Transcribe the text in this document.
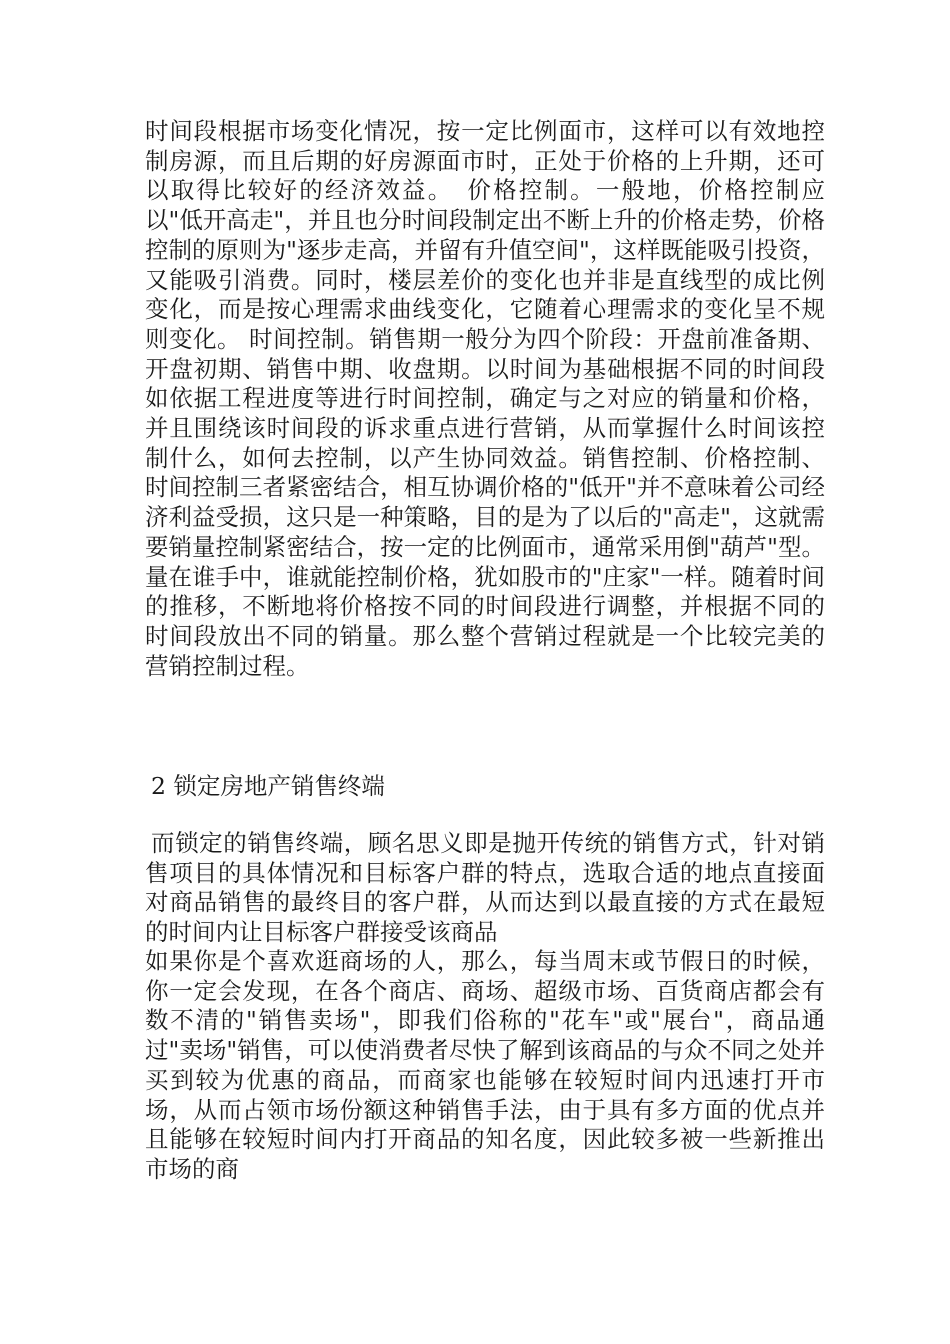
时间段根据市场变化情况，按一定比例面市，这样可以有效地控制房源，而且后期的好房源面市时，正处于价格的上升期，还可以取得比较好的经济效益。　价格控制。一般地，价格控制应以"低开高走"，并且也分时间段制定出不断上升的价格走势，价格控制的原则为"逐步走高，并留有升值空间"，这样既能吸引投资，又能吸引消费。同时，楼层差价的变化也并非是直线型的成比例变化，而是按心理需求曲线变化，它随着心理需求的变化呈不规则变化。 时间控制。销售期一般分为四个阶段：开盘前准备期、开盘初期、销售中期、收盘期。以时间为基础根据不同的时间段如依据工程进度等进行时间控制，确定与之对应的销量和价格，并且围绕该时间段的诉求重点进行营销，从而掌握什么时间该控制什么，如何去控制，以产生协同效益。销售控制、价格控制、时间控制三者紧密结合，相互协调价格的"低开"并不意味着公司经济利益受损，这只是一种策略，目的是为了以后的"高走"，这就需要销量控制紧密结合，按一定的比例面市，通常采用倒"葫芦"型。量在谁手中，谁就能控制价格，犹如股市的"庄家"一样。随着时间的推移，不断地将价格按不同的时间段进行调整，并根据不同的时间段放出不同的销量。那么整个营销过程就是一个比较完美的营销控制过程。

2 锁定房地产销售终端

而锁定的销售终端，顾名思义即是抛开传统的销售方式，针对销售项目的具体情况和目标客户群的特点，选取合适的地点直接面对商品销售的最终目的客户群，从而达到以最直接的方式在最短的时间内让目标客户群接受该商品

如果你是个喜欢逛商场的人，那么，每当周末或节假日的时候，你一定会发现，在各个商店、商场、超级市场、百货商店都会有数不清的"销售卖场"，即我们俗称的"花车"或"展台"，商品通过"卖场"销售，可以使消费者尽快了解到该商品的与众不同之处并买到较为优惠的商品，而商家也能够在较短时间内迅速打开市场，从而占领市场份额这种销售手法，由于具有多方面的优点并且能够在较短时间内打开商品的知名度，因此较多被一些新推出市场的商
